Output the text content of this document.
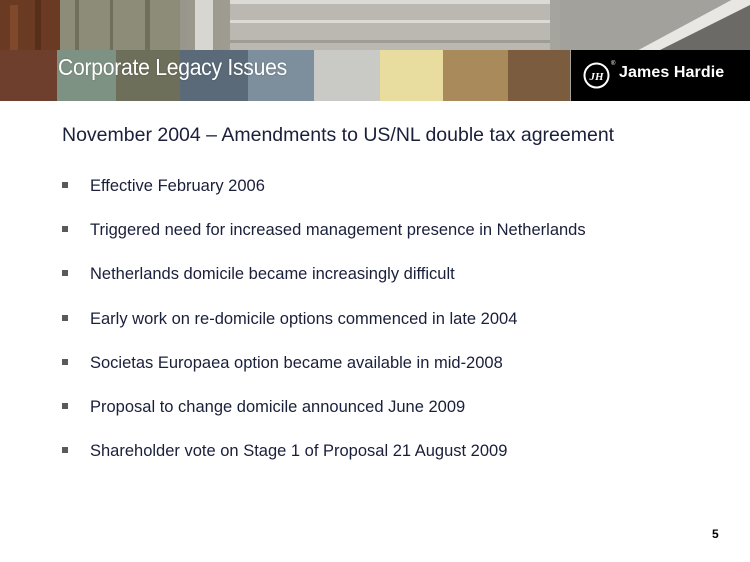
Corporate Legacy Issues	JH
® James Hardie
November 2004 – Amendments to US/NL double tax agreement
Effective February 2006
Triggered need for increased management presence in Netherlands
Netherlands domicile became increasingly difficult
Early work on re-domicile options commenced in late 2004
Societas Europaea option became available in mid-2008
Proposal to change domicile announced June 2009
Shareholder vote on Stage 1 of Proposal 21 August 2009
5
